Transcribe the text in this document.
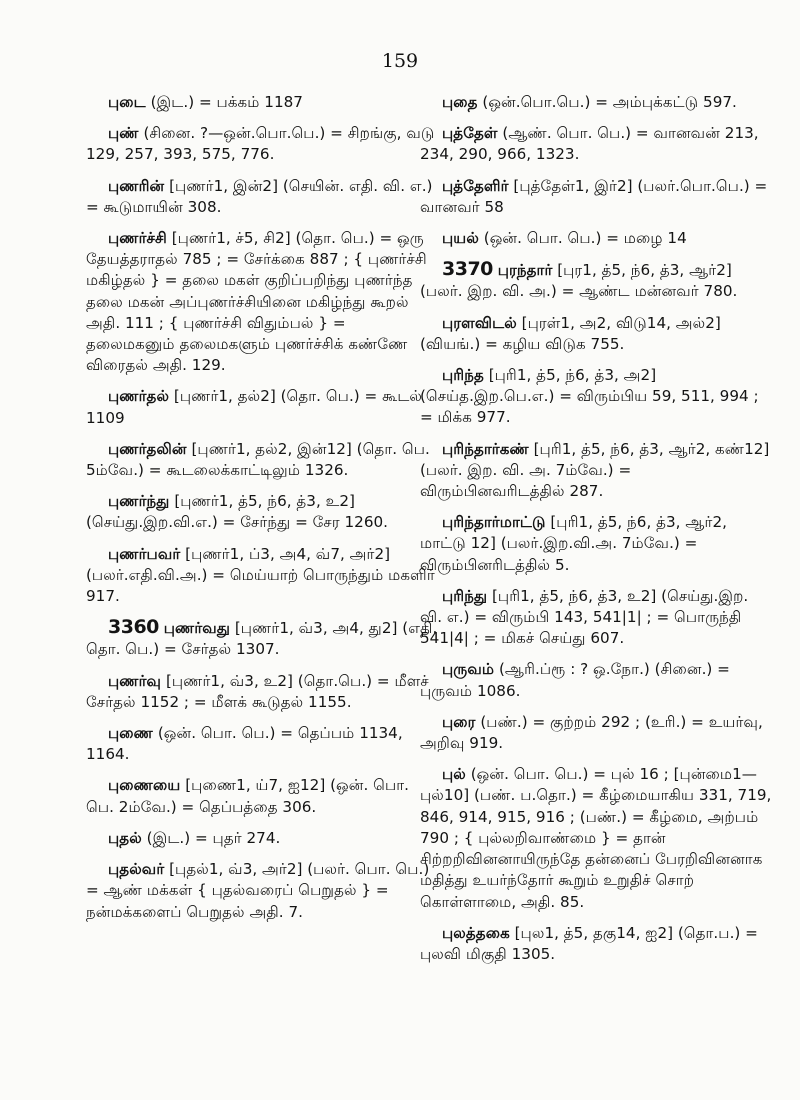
159

புடை (இட.) = பக்கம் 1187

புண் (சினை. ?—ஒன்.பொ.பெ.) = சிறங்கு, வடு 129, 257, 393, 575, 776.

புணரின் [புணர்1, இன்2] (செயின். எதி. வி. எ.) = கூடுமாயின் 308.

புணர்ச்சி [புணர்1, ச்5, சி2] (தொ. பெ.) = ஒரு தேயத்தராதல் 785 ; = சேர்க்கை 887 ; { புணர்ச்சி மகிழ்தல் } = தலை மகள் குறிப்பறிந்து புணர்ந்த தலை மகன் அப்புணர்ச்சியினை மகிழ்ந்து கூறல் அதி. 111 ; { புணர்ச்சி விதும்பல் } = தலைமகனும் தலைமகளும் புணர்ச்சிக் கண்ணே விரைதல் அதி. 129.

புணர்தல் [புணர்1, தல்2] (தொ. பெ.) = கூடல் 1109

புணர்தலின் [புணர்1, தல்2, இன்12] (தொ. பெ. 5ம்வே.) = கூடலைக்காட்டிலும் 1326.

புணர்ந்து [புணர்1, த்5, ந்6, த்3, உ2] (செய்து.இற.வி.எ.) = சேர்ந்து = சேர 1260.

புணர்பவர் [புணர்1, ப்3, அ4, வ்7, அர்2] (பலர்.எதி.வி.அ.) = மெய்யாற் பொருந்தும் மகளிர் 917.

3360 புணர்வது [புணர்1, வ்3, அ4, து2] (எதி. தொ. பெ.) = சேர்தல் 1307.

புணர்வு [புணர்1, வ்3, உ2] (தொ.பெ.) = மீளச் சேர்தல் 1152 ; = மீளக் கூடுதல் 1155.

புணை (ஒன். பொ. பெ.) = தெப்பம் 1134, 1164.

புணையை [புணை1, ய்7, ஐ12] (ஒன். பொ. பெ. 2ம்வே.) = தெப்பத்தை 306.

புதல் (இட.) = புதர் 274.

புதல்வர் [புதல்1, வ்3, அர்2] (பலர். பொ. பெ.) = ஆண் மக்கள் { புதல்வரைப் பெறுதல் } = நன்மக்களைப் பெறுதல் அதி. 7.

புதை (ஒன்.பொ.பெ.) = அம்புக்கட்டு 597.

புத்தேள் (ஆண். பொ. பெ.) = வானவன் 213, 234, 290, 966, 1323.

புத்தேளிர் [புத்தேள்1, இர்2] (பலர்.பொ.பெ.) = வானவர் 58

புயல் (ஒன். பொ. பெ.) = மழை 14

3370 புரந்தார் [புர1, த்5, ந்6, த்3, ஆர்2] (பலர். இற. வி. அ.) = ஆண்ட மன்னவர் 780.

புரளவிடல் [புரள்1, அ2, விடு14, அல்2] (வியங்.) = கழிய விடுக 755.

புரிந்த [புரி1, த்5, ந்6, த்3, அ2] (செய்த.இற.பெ.எ.) = விரும்பிய 59, 511, 994 ; = மிக்க 977.

புரிந்தார்கண் [புரி1, த்5, ந்6, த்3, ஆர்2, கண்12] (பலர். இற. வி. அ. 7ம்வே.) = விரும்பினவரிடத்தில் 287.

புரிந்தார்மாட்டு [புரி1, த்5, ந்6, த்3, ஆர்2, மாட்டு 12] (பலர்.இற.வி.அ. 7ம்வே.) = விரும்பினரிடத்தில் 5.

புரிந்து [புரி1, த்5, ந்6, த்3, உ2] (செய்து.இற. வி. எ.) = விரும்பி 143, 541|1| ; = பொருந்தி 541|4| ; = மிகச் செய்து 607.

புருவம் (ஆரி.ப்ரூ : ? ஒ.நோ.) (சினை.) = புருவம் 1086.

புரை (பண்.) = குற்றம் 292 ; (உரி.) = உயர்வு, அறிவு 919.

புல் (ஒன். பொ. பெ.) = புல் 16 ; [புன்மை1—புல்10] (பண். ப.தொ.) = கீழ்மையாகிய 331, 719, 846, 914, 915, 916 ; (பண்.) = கீழ்மை, அற்பம் 790 ; { புல்லறிவாண்மை } = தான் சிற்றறிவினனாயிருந்தே தன்னைப் பேரறிவினனாக மதித்து உயர்ந்தோர் கூறும் உறுதிச் சொற் கொள்ளாமை, அதி. 85.

புலத்தகை [புல1, த்5, தகு14, ஐ2] (தொ.ப.) = புலவி மிகுதி 1305.
